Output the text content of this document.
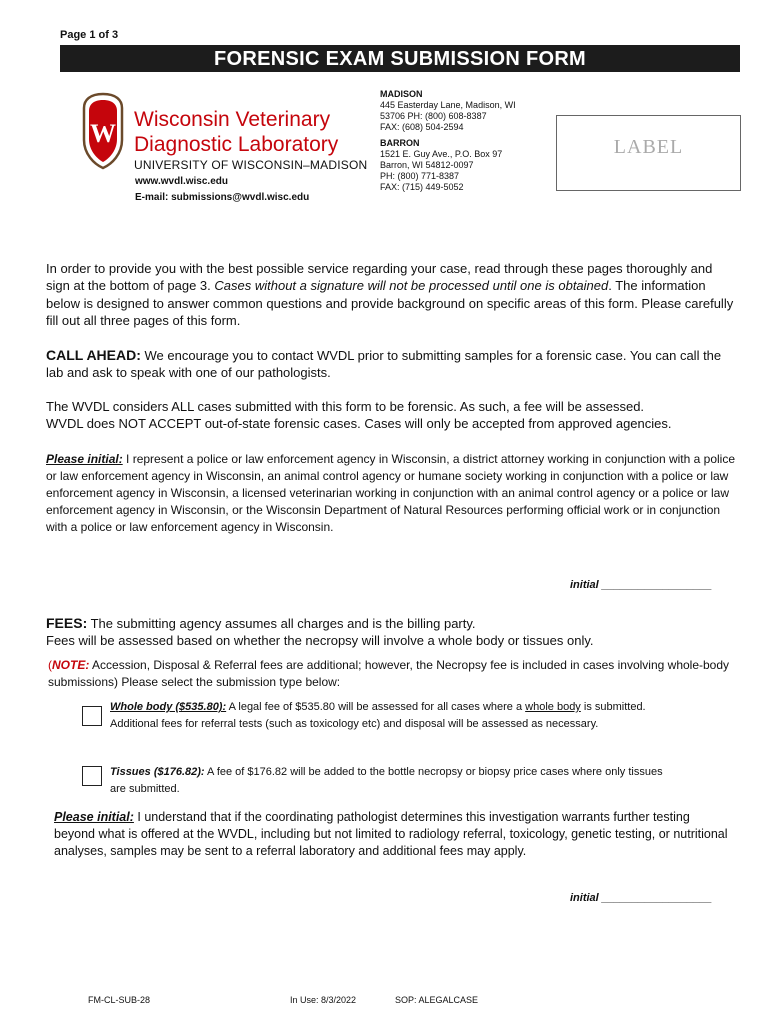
Page 1 of 3
FORENSIC EXAM SUBMISSION FORM
W Wisconsin Veterinary
Diagnostic Laboratory
UNIVERSITY OF WISCONSIN–MADISON
www.wvdl.wisc.edu
E-mail: submissions@wvdl.wisc.edu
MADISON
445 Easterday Lane, Madison, WI
53706 PH: (800) 608-8387
FAX: (608) 504-2594
BARRON
1521 E. Guy Ave., P.O. Box 97
Barron, WI 54812-0097
PH: (800) 771-8387
FAX: (715) 449-5052
LABEL
In order to provide you with the best possible service regarding your case, read through these pages thoroughly and sign at the bottom of page 3. Cases without a signature will not be processed until one is obtained. The information below is designed to answer common questions and provide background on specific areas of this form. Please carefully fill out all three pages of this form.
CALL AHEAD: We encourage you to contact WVDL prior to submitting samples for a forensic case. You can call the lab and ask to speak with one of our pathologists.
The WVDL considers ALL cases submitted with this form to be forensic. As such, a fee will be assessed.
WVDL does NOT ACCEPT out-of-state forensic cases. Cases will only be accepted from approved agencies.
Please initial: I represent a police or law enforcement agency in Wisconsin, a district attorney working in conjunction with a police or law enforcement agency in Wisconsin, an animal control agency or humane society working in conjunction with a police or law enforcement agency in Wisconsin, a licensed veterinarian working in conjunction with an animal control agency or a police or law enforcement agency in Wisconsin, or the Wisconsin Department of Natural Resources performing official work or in conjunction with a police or law enforcement agency in Wisconsin.
initial __________________
FEES: The submitting agency assumes all charges and is the billing party.
Fees will be assessed based on whether the necropsy will involve a whole body or tissues only.
(NOTE: Accession, Disposal & Referral fees are additional; however, the Necropsy fee is included in cases involving whole-body submissions) Please select the submission type below:
Whole body ($535.80): A legal fee of $535.80 will be assessed for all cases where a whole body is submitted. Additional fees for referral tests (such as toxicology etc) and disposal will be assessed as necessary.
Tissues ($176.82): A fee of $176.82 will be added to the bottle necropsy or biopsy price cases where only tissues are submitted.
Please initial: I understand that if the coordinating pathologist determines this investigation warrants further testing beyond what is offered at the WVDL, including but not limited to radiology referral, toxicology, genetic testing, or nutritional analyses, samples may be sent to a referral laboratory and additional fees may apply.
initial __________________
FM-CL-SUB-28	In Use: 8/3/2022	SOP: ALEGALCASE
